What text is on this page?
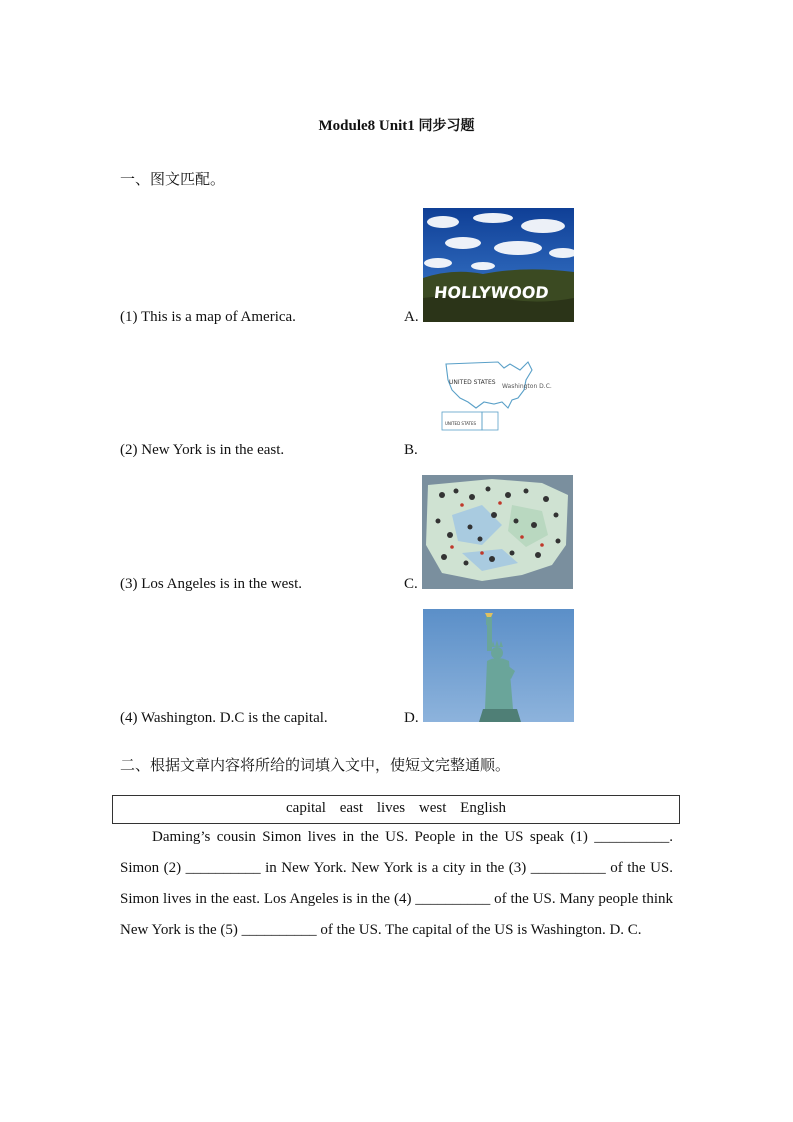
Module8 Unit1 同步习题
一、图文匹配。
HOLLYWOOD
(1) This is a map of America.	A.
UNITED STATES
Washington D.C.
UNITED STATES
(2) New York is in the east.	B.
(3) Los Angeles is in the west.	C.
(4) Washington. D.C is the capital.	D.
二、根据文章内容将所给的词填入文中，使短文完整通顺。
capital east lives west English
Daming’s cousin Simon lives in the US. People in the US speak (1) __________. Simon (2) __________ in New York. New York is a city in the (3) __________ of the US. Simon lives in the east. Los Angeles is in the (4) __________ of the US. Many people think New York is the (5) __________ of the US. The capital of the US is Washington. D. C.
